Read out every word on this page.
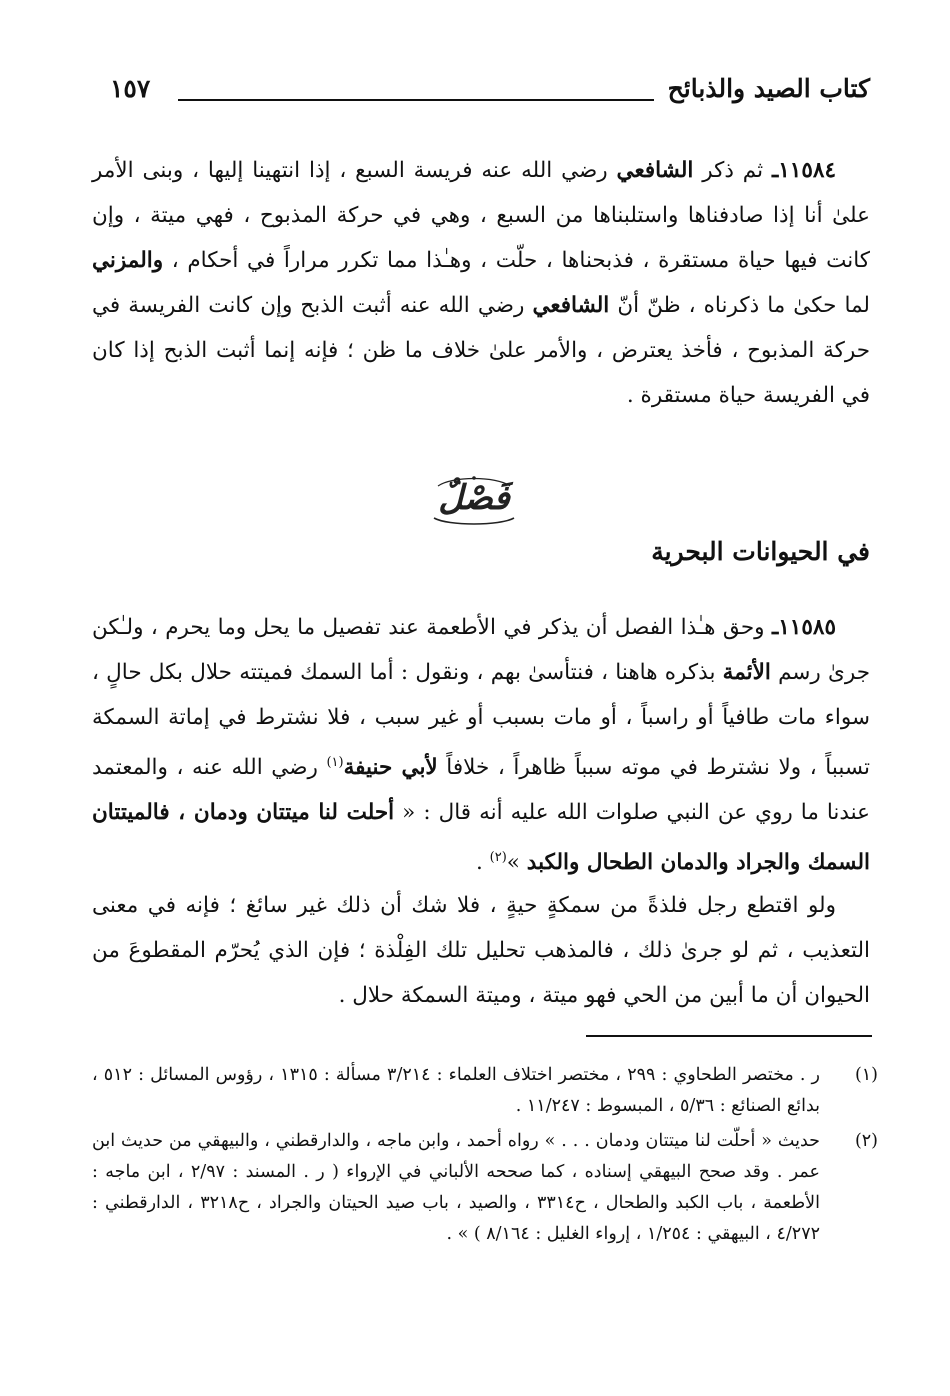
كتاب الصيد والذبائح
١٥٧
١١٥٨٤ـ ثم ذكر الشافعي رضي الله عنه فريسة السبع ، إذا انتهينا إليها ، وبنى الأمر علىٰ أنا إذا صادفناها واستلبناها من السبع ، وهي في حركة المذبوح ، فهي ميتة ، وإن كانت فيها حياة مستقرة ، فذبحناها ، حلّت ، وهـٰذا مما تكرر مراراً في أحكام ، والمزني لما حكىٰ ما ذكرناه ، ظنّ أنّ الشافعي رضي الله عنه أثبت الذبح وإن كانت الفريسة في حركة المذبوح ، فأخذ يعترض ، والأمر علىٰ خلاف ما ظن ؛ فإنه إنما أثبت الذبح إذا كان في الفريسة حياة مستقرة .
فَصْلٌ
في الحيوانات البحرية
١١٥٨٥ـ وحق هـٰذا الفصل أن يذكر في الأطعمة عند تفصيل ما يحل وما يحرم ، ولـٰكن جرىٰ رسم الأئمة بذكره هاهنا ، فنتأسىٰ بهم ، ونقول : أما السمك فميتته حلال بكل حالٍ ، سواء مات طافياً أو راسباً ، أو مات بسبب أو غير سبب ، فلا نشترط في إماتة السمكة تسبباً ، ولا نشترط في موته سبباً ظاهراً ، خلافاً لأبي حنيفة$^{(١)}$ رضي الله عنه ، والمعتمد عندنا ما روي عن النبي صلوات الله عليه أنه قال : « أحلت لنا ميتتان ودمان ، فالميتتان السمك والجراد والدمان الطحال والكبد »$^{(٢)}$ .
ولو اقتطع رجل فلذةً من سمكةٍ حيةٍ ، فلا شك أن ذلك غير سائغ ؛ فإنه في معنى التعذيب ، ثم لو جرىٰ ذلك ، فالمذهب تحليل تلك الفِلْذة ؛ فإن الذي يُحرّم المقطوعَ من الحيوان أن ما أبين من الحي فهو ميتة ، وميتة السمكة حلال .
(١)
ر . مختصر الطحاوي : ٢٩٩ ، مختصر اختلاف العلماء : ٣/٢١٤ مسألة : ١٣١٥ ، رؤوس المسائل : ٥١٢ ، بدائع الصنائع : ٥/٣٦ ، المبسوط : ١١/٢٤٧ .
(٢)
حديث « أحلّت لنا ميتتان ودمان . . . » رواه أحمد ، وابن ماجه ، والدارقطني ، والبيهقي من حديث ابن عمر . وقد صحح البيهقي إسناده ، كما صححه الألباني في الإرواء ( ر . المسند : ٢/٩٧ ، ابن ماجه : الأطعمة ، باب الكبد والطحال ، ح٣٣١٤ ، والصيد ، باب صيد الحيتان والجراد ، ح٣٢١٨ ، الدارقطني : ٤/٢٧٢ ، البيهقي : ١/٢٥٤ ، إرواء الغليل : ٨/١٦٤ ) » .
